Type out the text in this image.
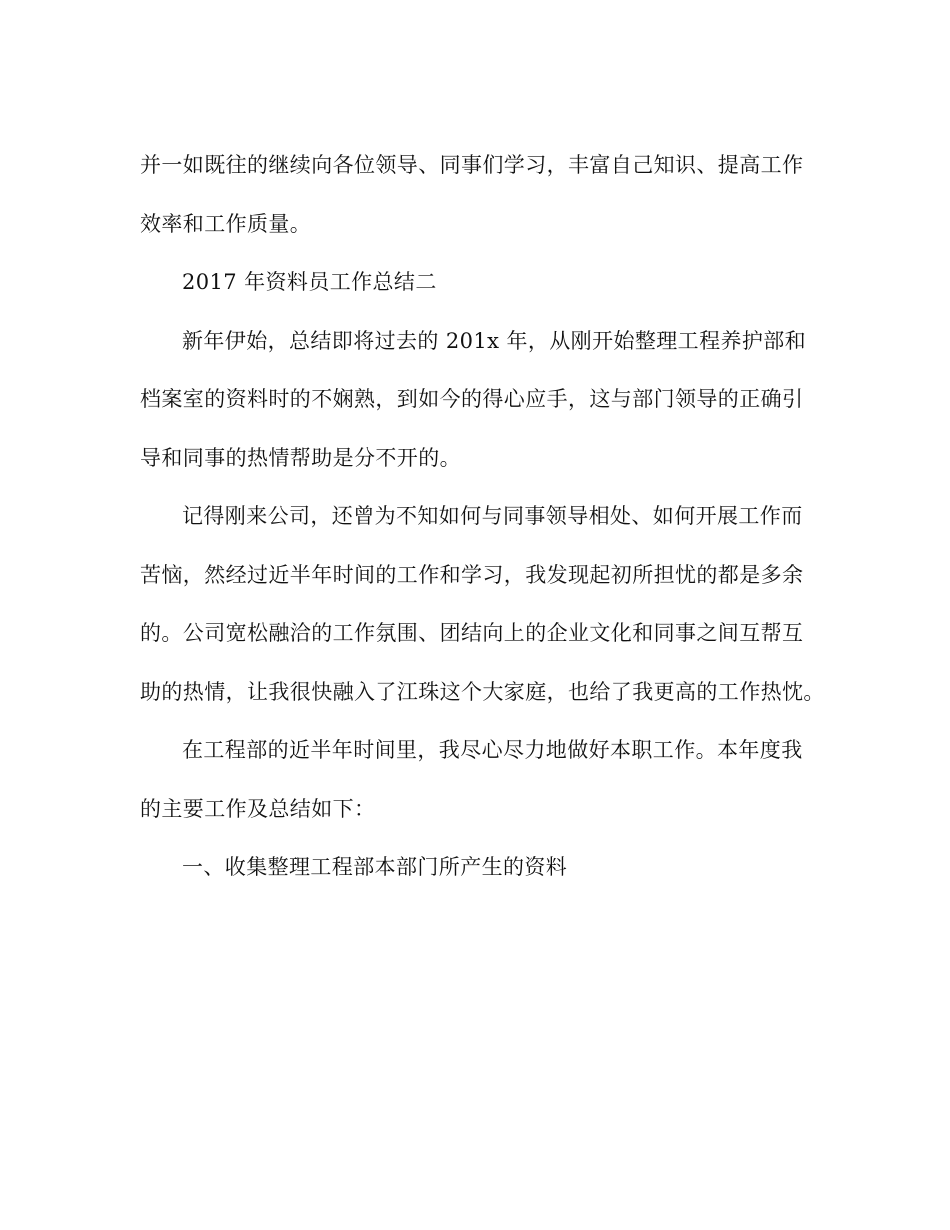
并一如既往的继续向各位领导、同事们学习，丰富自己知识、提高工作
效率和工作质量。
2017 年资料员工作总结二
新年伊始，总结即将过去的 201x 年，从刚开始整理工程养护部和
档案室的资料时的不娴熟，到如今的得心应手，这与部门领导的正确引
导和同事的热情帮助是分不开的。
记得刚来公司，还曾为不知如何与同事领导相处、如何开展工作而
苦恼，然经过近半年时间的工作和学习，我发现起初所担忧的都是多余
的。公司宽松融洽的工作氛围、团结向上的企业文化和同事之间互帮互
助的热情，让我很快融入了江珠这个大家庭，也给了我更高的工作热忱。
在工程部的近半年时间里，我尽心尽力地做好本职工作。本年度我
的主要工作及总结如下：
一、收集整理工程部本部门所产生的资料
